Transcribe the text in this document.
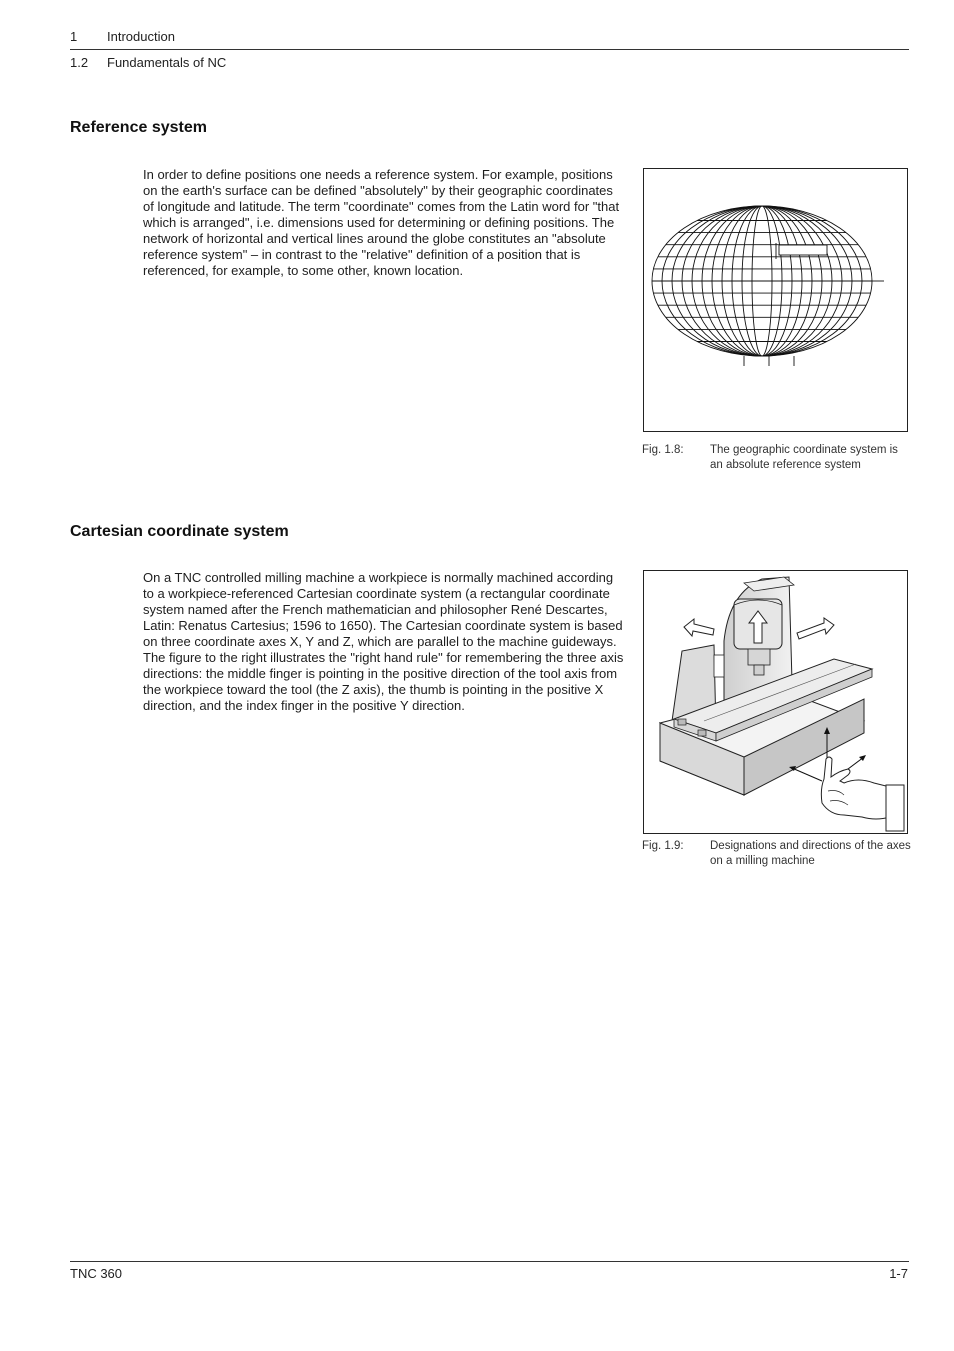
1 Introduction
1.2 Fundamentals of NC
Reference system
In order to define positions one needs a reference system. For example, positions on the earth's surface can be defined "absolutely" by their geographic coordinates of longitude and latitude. The term "coordinate" comes from the Latin word for "that which is arranged", i.e. dimensions used for determining or defining positions. The network of horizontal and vertical lines around the globe constitutes an "absolute reference system" – in contrast to the "relative" definition of a position that is referenced, for example, to some other, known location.
Fig. 1.8: The geographic coordinate system is an absolute reference system
Cartesian coordinate system
On a TNC controlled milling machine a workpiece is normally machined according to a workpiece-referenced Cartesian coordinate system (a rectangular coordinate system named after the French mathematician and philosopher René Descartes, Latin: Renatus Cartesius; 1596 to 1650). The Cartesian coordinate system is based on three coordinate axes X, Y and Z, which are parallel to the machine guideways. The figure to the right illustrates the "right hand rule" for remembering the three axis directions: the middle finger is pointing in the positive direction of the tool axis from the workpiece toward the tool (the Z axis), the thumb is pointing in the positive X direction, and the index finger in the positive Y direction.
Fig. 1.9: Designations and directions of the axes on a milling machine
TNC 360	1-7
